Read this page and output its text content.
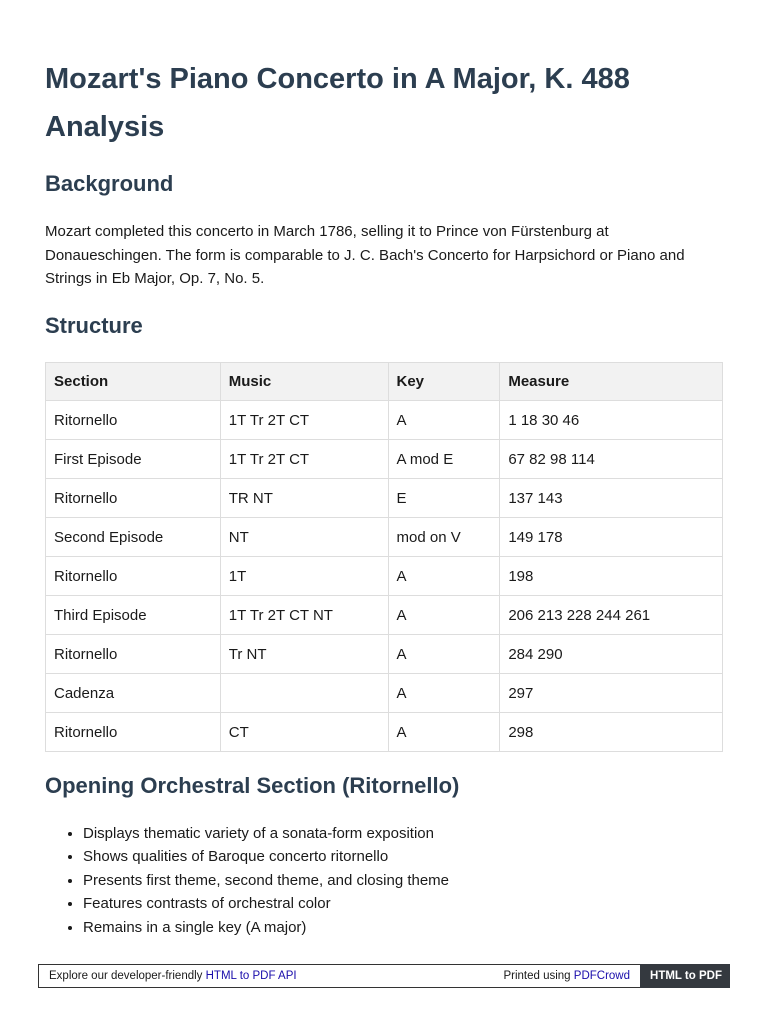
Mozart's Piano Concerto in A Major, K. 488 Analysis
Background

Mozart completed this concerto in March 1786, selling it to Prince von Fürstenburg at Donaueschingen. The form is comparable to J. C. Bach's Concerto for Harpsichord or Piano and Strings in Eb Major, Op. 7, No. 5.

Structure
Section	Music	Key	Measure
Ritornello	1T Tr 2T CT	A	1 18 30 46
First Episode	1T Tr 2T CT	A mod E	67 82 98 114
Ritornello	TR NT	E	137 143
Second Episode	NT	mod on V	149 178
Ritornello	1T	A	198
Third Episode	1T Tr 2T CT NT	A	206 213 228 244 261
Ritornello	Tr NT	A	284 290
Cadenza		A	297
Ritornello	CT	A	298
Opening Orchestral Section (Ritornello)
• Displays thematic variety of a sonata-form exposition
• Shows qualities of Baroque concerto ritornello
• Presents first theme, second theme, and closing theme
• Features contrasts of orchestral color
• Remains in a single key (A major)
Explore our developer-friendly HTML to PDF API	Printed using PDFCrowd	HTML to PDF
